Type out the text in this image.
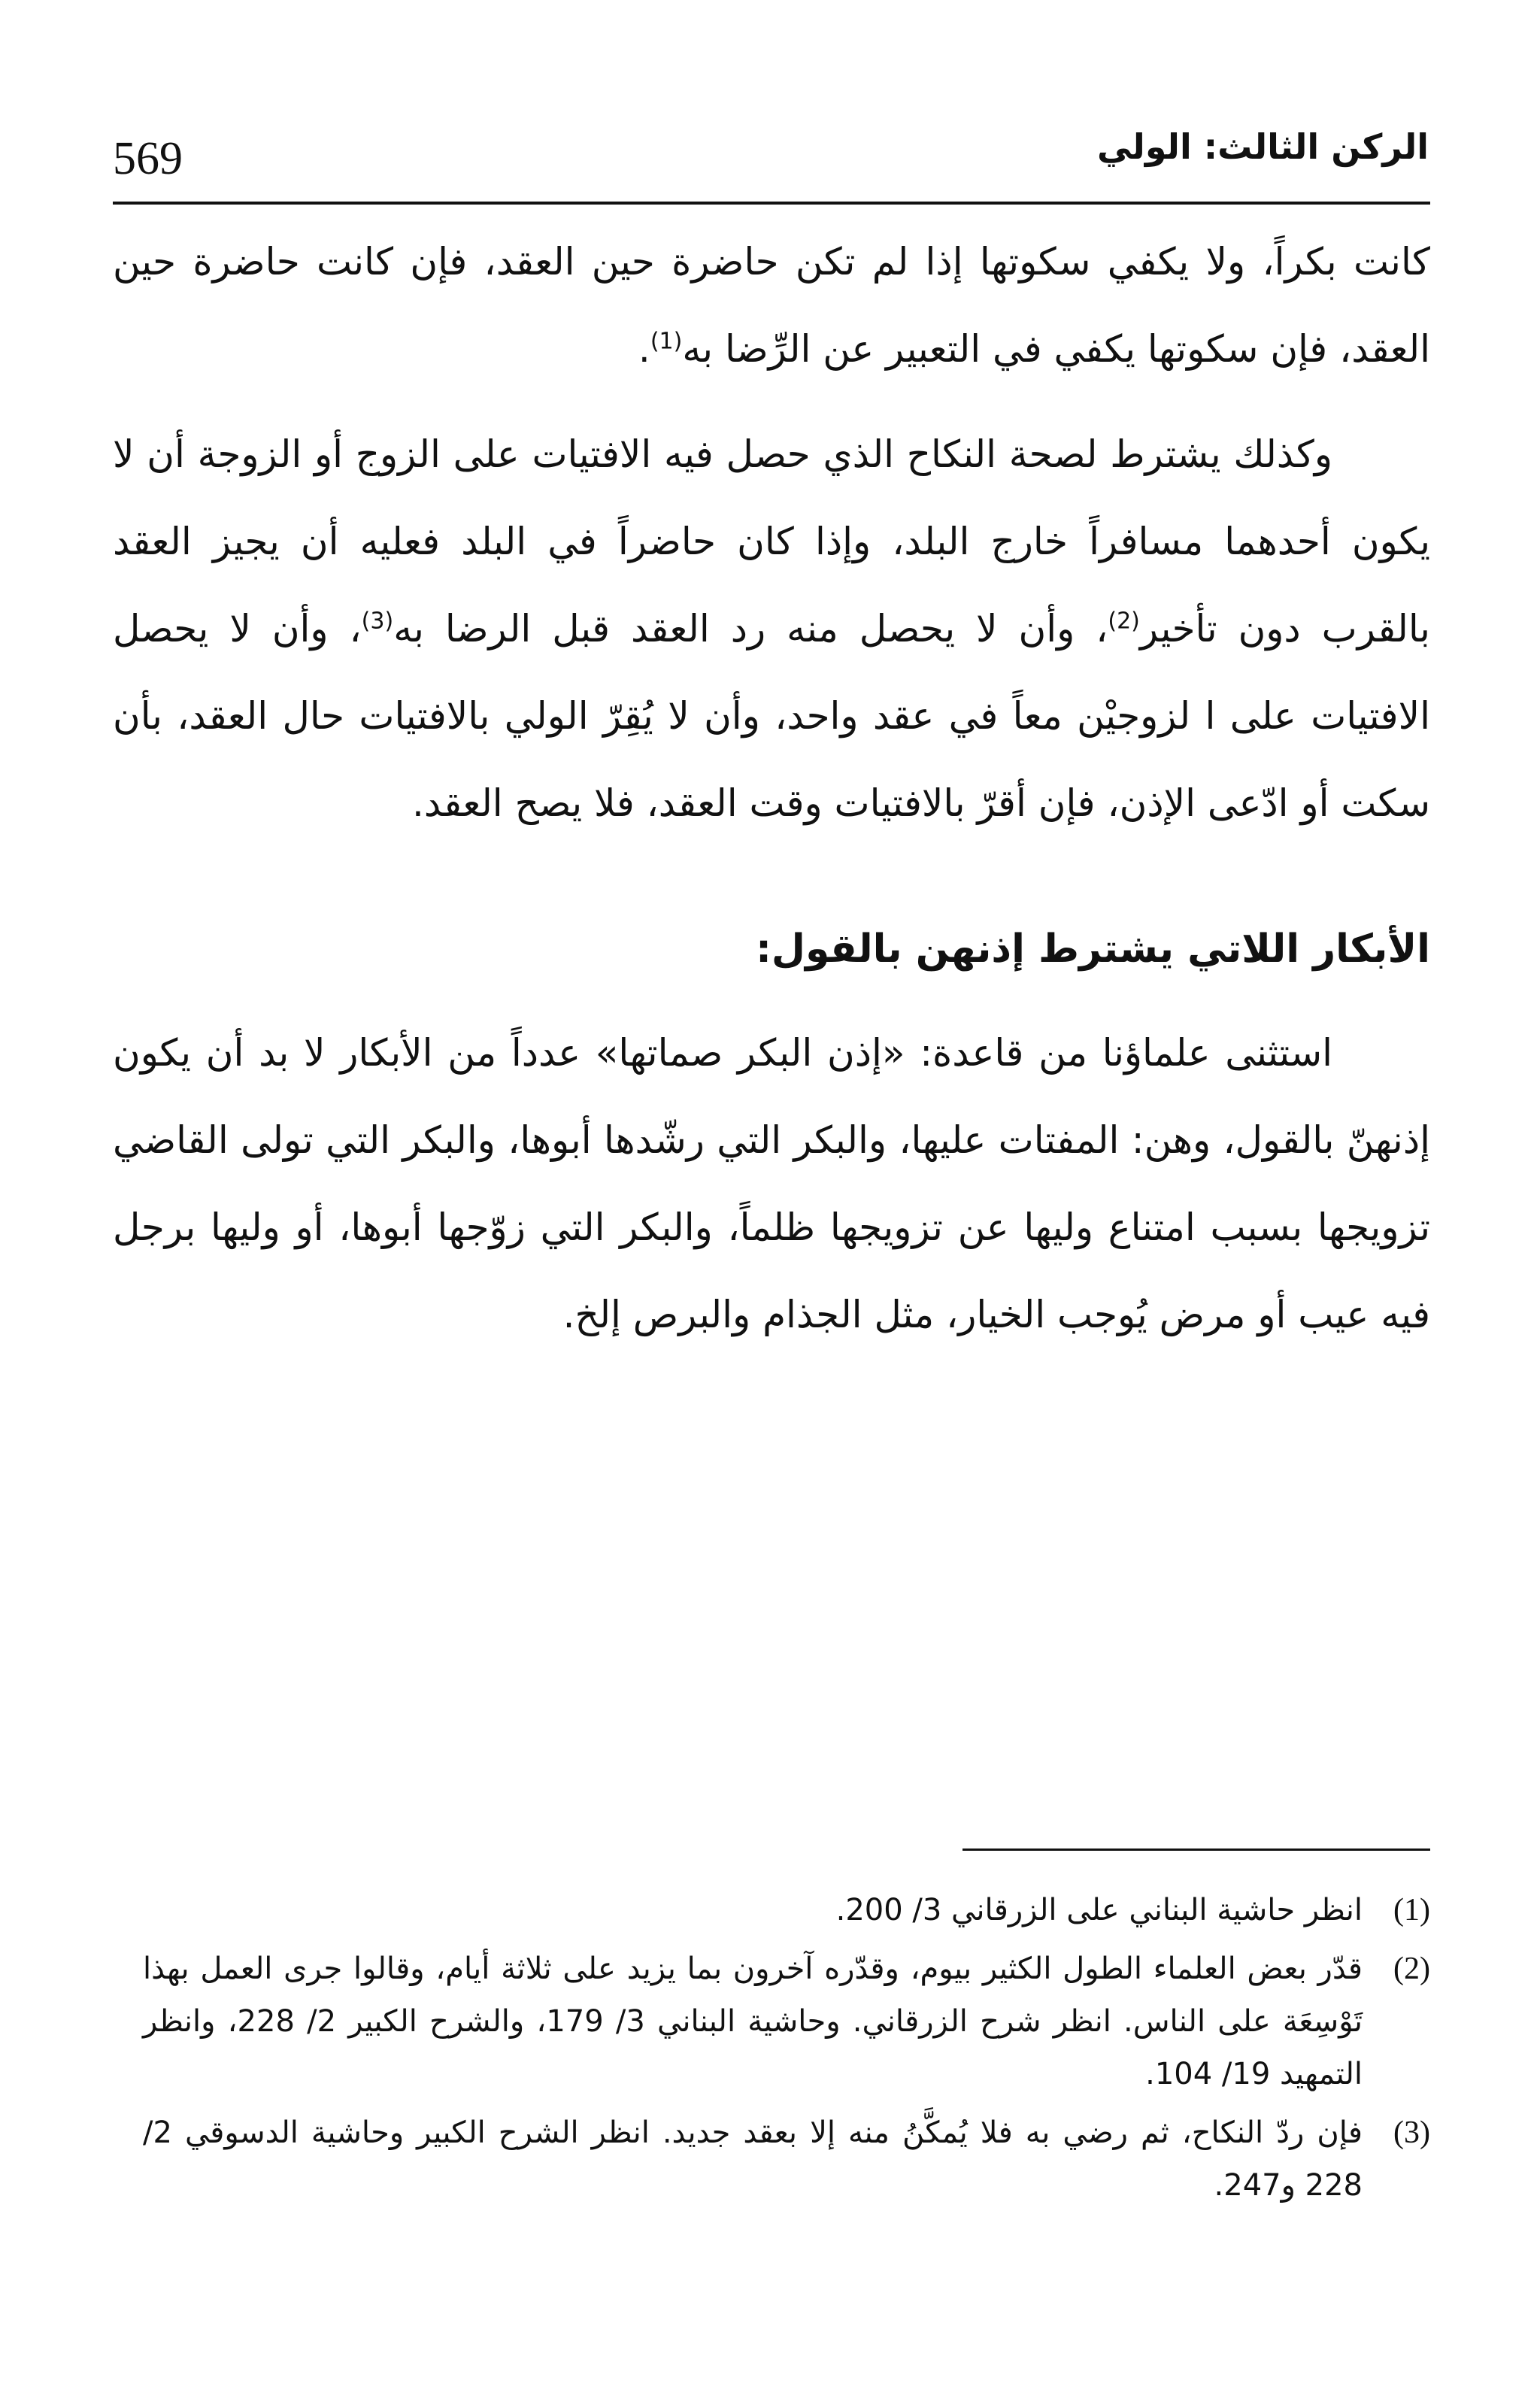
569	الركن الثالث: الولي

كانت بكراً، ولا يكفي سكوتها إذا لم تكن حاضرة حين العقد، فإن كانت حاضرة حين العقد، فإن سكوتها يكفي في التعبير عن الرِّضا به$^{(1)}$.

وكذلك يشترط لصحة النكاح الذي حصل فيه الافتيات على الزوج أو الزوجة أن لا يكون أحدهما مسافراً خارج البلد، وإذا كان حاضراً في البلد فعليه أن يجيز العقد بالقرب دون تأخير$^{(2)}$، وأن لا يحصل منه رد العقد قبل الرضا به$^{(3)}$، وأن لا يحصل الافتيات على ا لزوجيْن معاً في عقد واحد، وأن لا يُقِرّ الولي بالافتيات حال العقد، بأن سكت أو ادّعى الإذن، فإن أقرّ بالافتيات وقت العقد، فلا يصح العقد.

الأبكار اللاتي يشترط إذنهن بالقول:

استثنى علماؤنا من قاعدة: «إذن البكر صماتها» عدداً من الأبكار لا بد أن يكون إذنهنّ بالقول، وهن: المفتات عليها، والبكر التي رشّدها أبوها، والبكر التي تولى القاضي تزويجها بسبب امتناع وليها عن تزويجها ظلماً، والبكر التي زوّجها أبوها، أو وليها برجل فيه عيب أو مرض يُوجب الخيار، مثل الجذام والبرص إلخ.

(1)
انظر حاشية البناني على الزرقاني 3/ 200.
(2)
قدّر بعض العلماء الطول الكثير بيوم، وقدّره آخرون بما يزيد على ثلاثة أيام، وقالوا جرى العمل بهذا تَوْسِعَة على الناس. انظر شرح الزرقاني. وحاشية البناني 3/ 179، والشرح الكبير 2/ 228، وانظر التمهيد 19/ 104.
(3)
فإن ردّ النكاح، ثم رضي به فلا يُمكَّنُ منه إلا بعقد جديد. انظر الشرح الكبير وحاشية الدسوقي 2/ 228 و247.
